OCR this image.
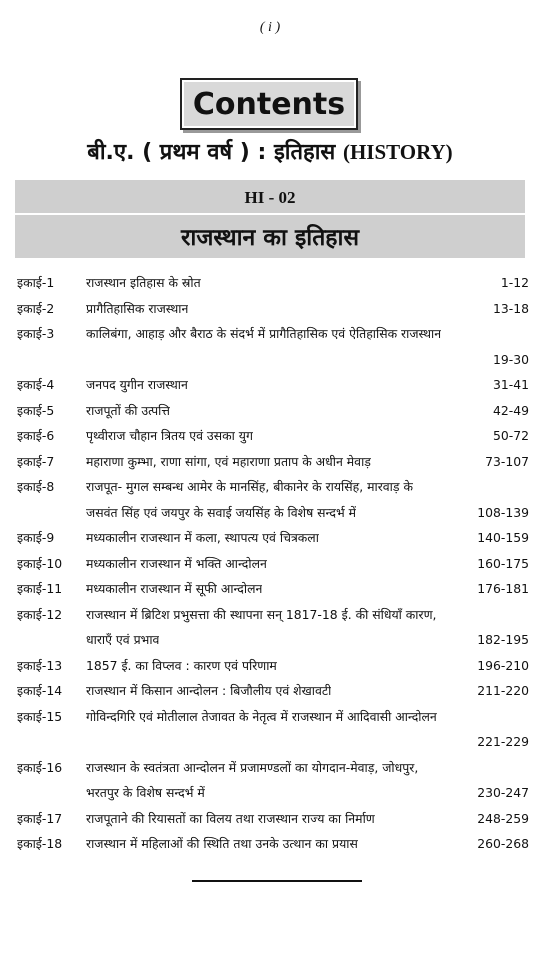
( i )
Contents
बी.ए. ( प्रथम वर्ष ) : इतिहास (HISTORY)
HI - 02
राजस्थान का इतिहास
इकाई-1	राजस्थान इतिहास के स्रोत	1-12
इकाई-2	प्रागैतिहासिक राजस्थान	13-18
इकाई-3	कालिबंगा, आहाड़ और बैराठ के संदर्भ में प्रागैतिहासिक एवं ऐतिहासिक राजस्थान
19-30
इकाई-4	जनपद युगीन राजस्थान	31-41
इकाई-5	राजपूतों की उत्पत्ति	42-49
इकाई-6	पृथ्वीराज चौहान त्रितय एवं उसका युग	50-72
इकाई-7	महाराणा कुम्भा, राणा सांगा, एवं महाराणा प्रताप के अधीन मेवाड़	73-107
इकाई-8	राजपूत- मुगल सम्बन्ध आमेर के मानसिंह, बीकानेर के रायसिंह, मारवाड़ के
जसवंत सिंह एवं जयपुर के सवाई जयसिंह के विशेष सन्दर्भ में	108-139
इकाई-9	मध्यकालीन राजस्थान में कला, स्थापत्य एवं चित्रकला	140-159
इकाई-10	मध्यकालीन राजस्थान में भक्ति आन्दोलन	160-175
इकाई-11	मध्यकालीन राजस्थान में सूफी आन्दोलन	176-181
इकाई-12	राजस्थान में ब्रिटिश प्रभुसत्ता की स्थापना सन् 1817-18 ई. की संधियाँ कारण,
धाराएँ एवं प्रभाव	182-195
इकाई-13	1857 ई. का विप्लव : कारण एवं परिणाम	196-210
इकाई-14	राजस्थान में किसान आन्दोलन : बिजौलीय एवं शेखावटी	211-220
इकाई-15	गोविन्दगिरि एवं मोतीलाल तेजावत के नेतृत्व में राजस्थान में आदिवासी आन्दोलन
221-229
इकाई-16	राजस्थान के स्वतंत्रता आन्दोलन में प्रजामण्डलों का योगदान-मेवाड़, जोधपुर,
भरतपुर के विशेष सन्दर्भ में	230-247
इकाई-17	राजपूताने की रियासतों का विलय तथा राजस्थान राज्य का निर्माण	248-259
इकाई-18	राजस्थान में महिलाओं की स्थिति तथा उनके उत्थान का प्रयास	260-268
